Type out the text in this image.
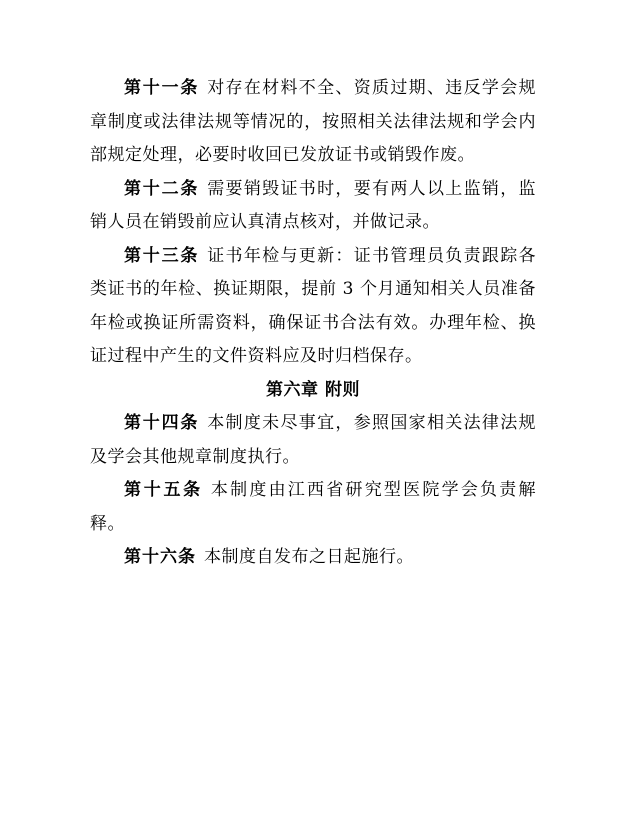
第十一条 对存在材料不全、资质过期、违反学会规章制度或法律法规等情况的，按照相关法律法规和学会内部规定处理，必要时收回已发放证书或销毁作废。

第十二条 需要销毁证书时，要有两人以上监销，监销人员在销毁前应认真清点核对，并做记录。

第十三条 证书年检与更新：证书管理员负责跟踪各类证书的年检、换证期限，提前 3 个月通知相关人员准备年检或换证所需资料，确保证书合法有效。办理年检、换证过程中产生的文件资料应及时归档保存。

第六章 附则

第十四条 本制度未尽事宜，参照国家相关法律法规及学会其他规章制度执行。

第十五条 本制度由江西省研究型医院学会负责解释。

第十六条 本制度自发布之日起施行。
